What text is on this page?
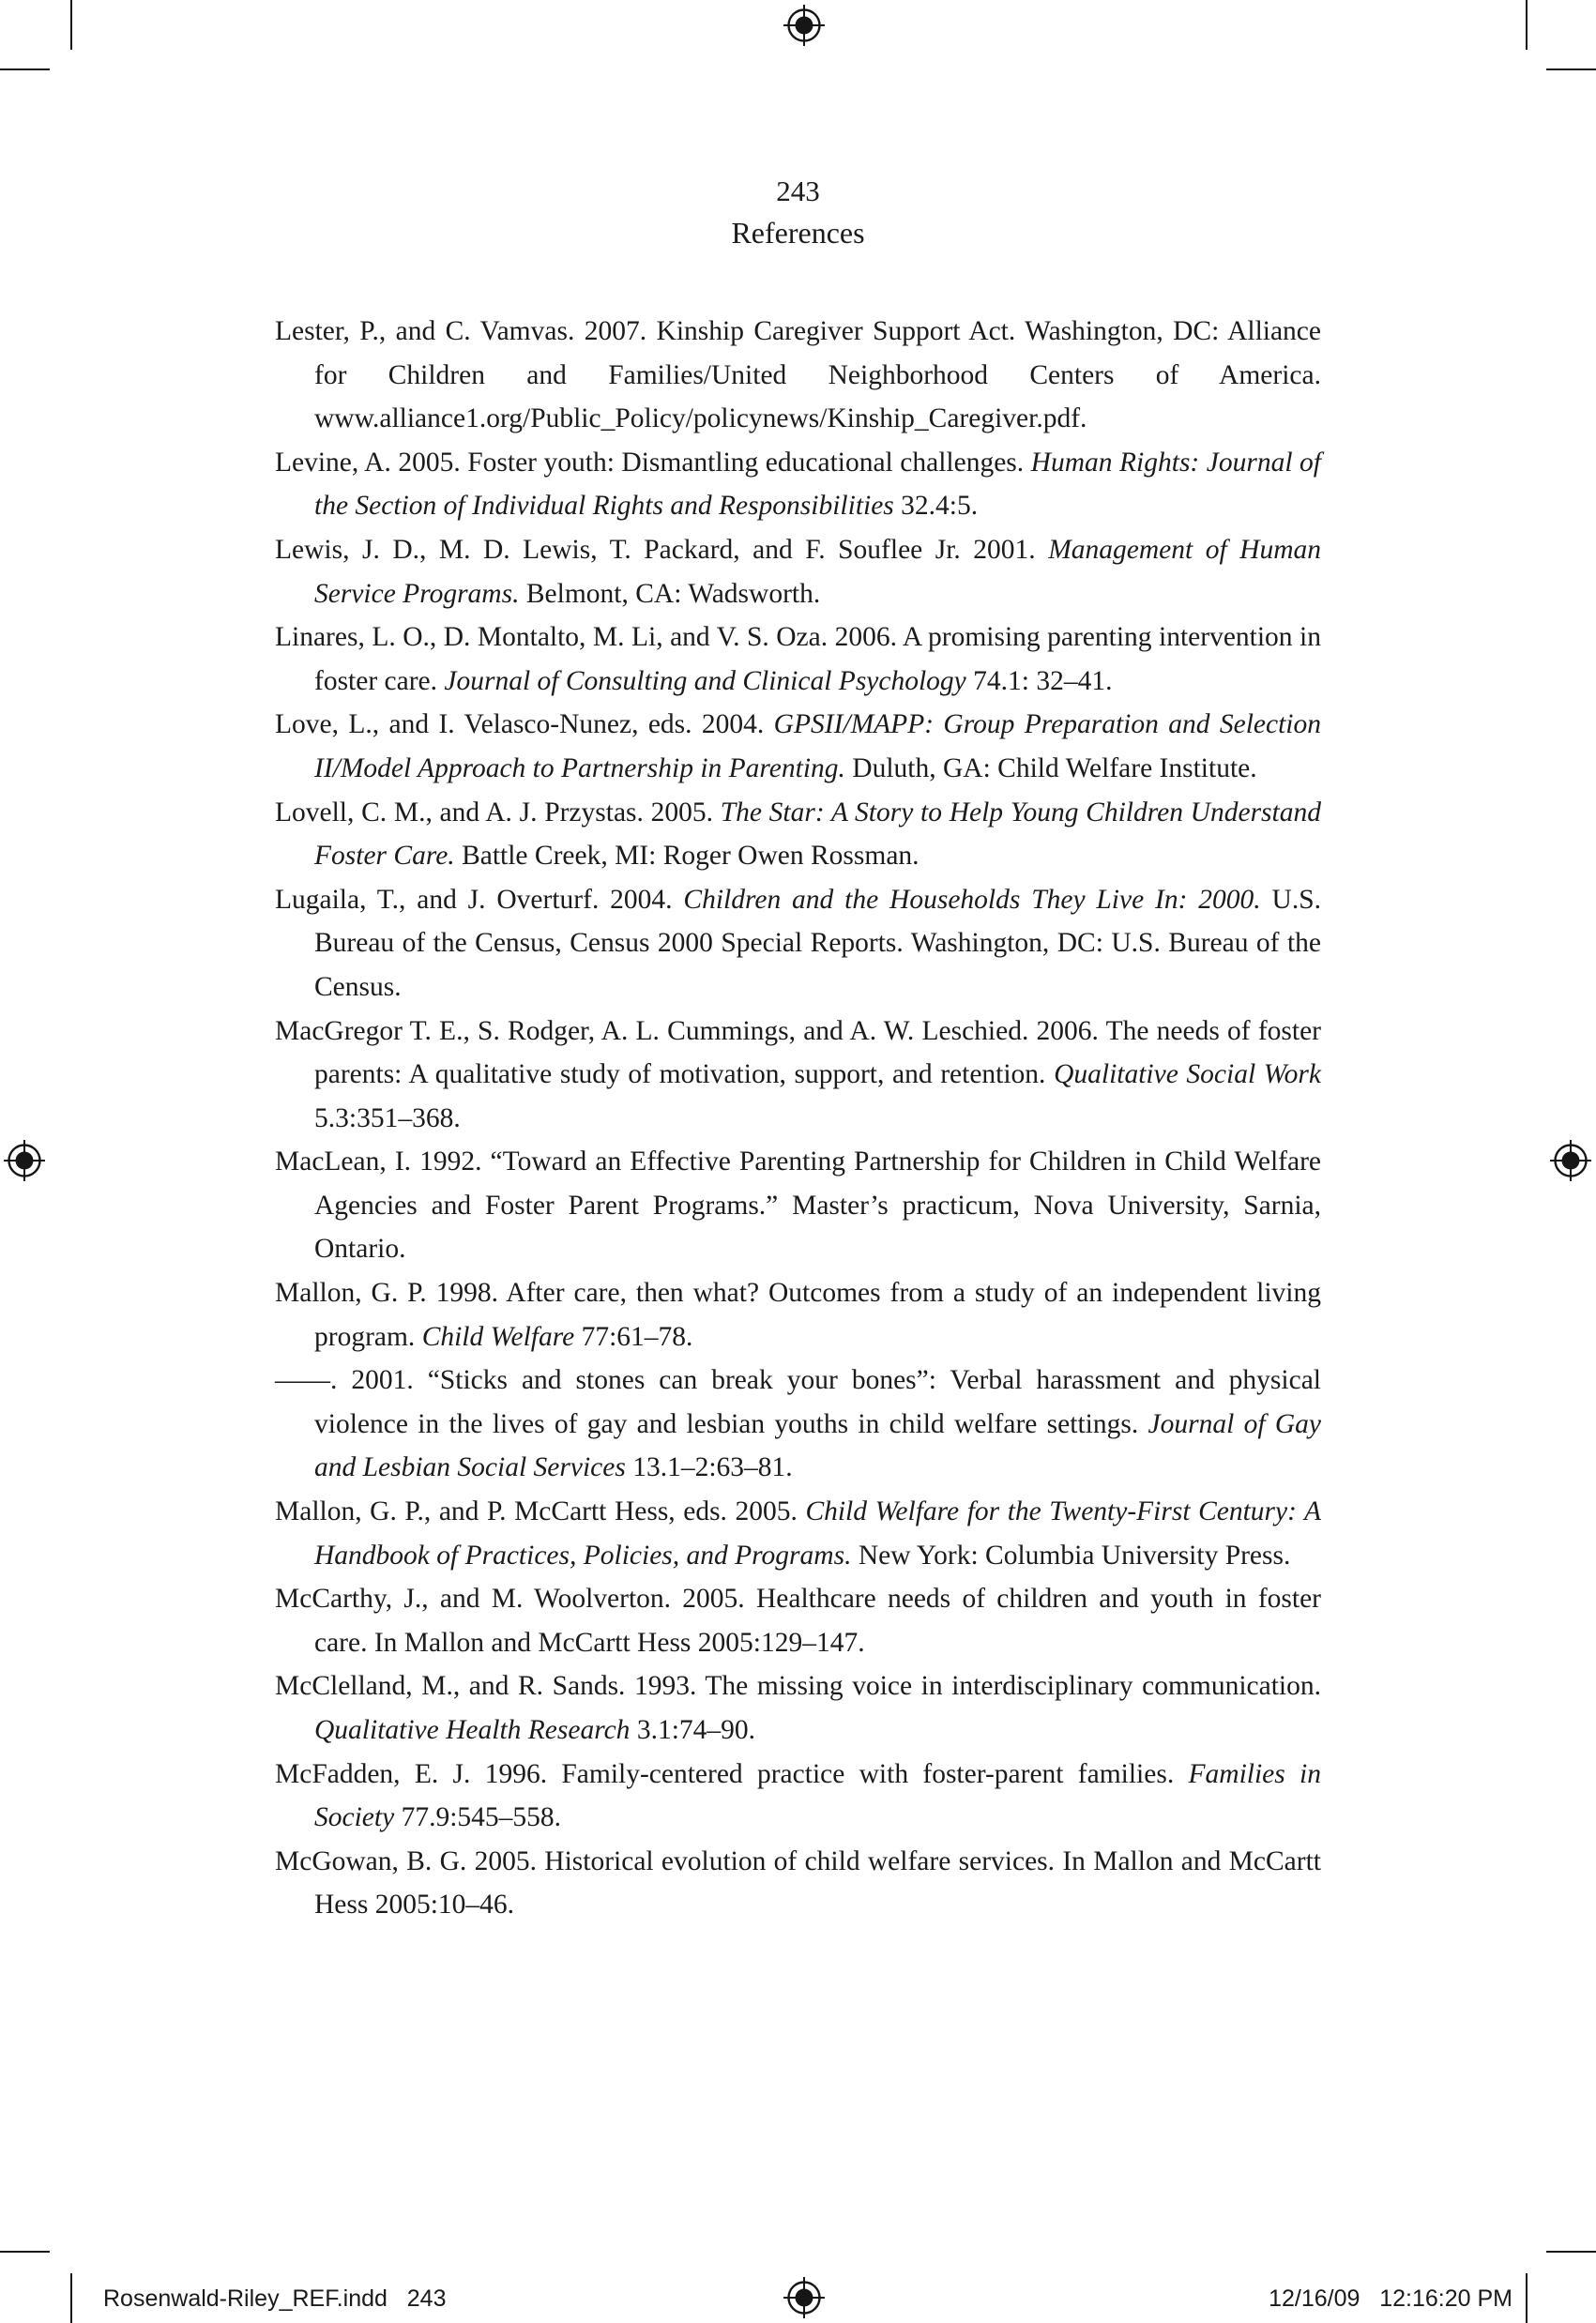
243
References

Lester, P., and C. Vamvas. 2007. Kinship Caregiver Support Act. Washington, DC: Alliance for Children and Families/United Neighborhood Centers of America. www.alliance1.org/Public_Policy/policynews/Kinship_Caregiver.pdf.

Levine, A. 2005. Foster youth: Dismantling educational challenges. Human Rights: Journal of the Section of Individual Rights and Responsibilities 32.4:5.

Lewis, J. D., M. D. Lewis, T. Packard, and F. Souflee Jr. 2001. Management of Human Service Programs. Belmont, CA: Wadsworth.

Linares, L. O., D. Montalto, M. Li, and V. S. Oza. 2006. A promising parenting intervention in foster care. Journal of Consulting and Clinical Psychology 74.1: 32–41.

Love, L., and I. Velasco-Nunez, eds. 2004. GPSII/MAPP: Group Preparation and Selection II/Model Approach to Partnership in Parenting. Duluth, GA: Child Welfare Institute.

Lovell, C. M., and A. J. Przystas. 2005. The Star: A Story to Help Young Children Understand Foster Care. Battle Creek, MI: Roger Owen Rossman.

Lugaila, T., and J. Overturf. 2004. Children and the Households They Live In: 2000. U.S. Bureau of the Census, Census 2000 Special Reports. Washington, DC: U.S. Bureau of the Census.

MacGregor T. E., S. Rodger, A. L. Cummings, and A. W. Leschied. 2006. The needs of foster parents: A qualitative study of motivation, support, and retention. Qualitative Social Work 5.3:351–368.

MacLean, I. 1992. “Toward an Effective Parenting Partnership for Children in Child Welfare Agencies and Foster Parent Programs.” Master’s practicum, Nova University, Sarnia, Ontario.

Mallon, G. P. 1998. After care, then what? Outcomes from a study of an independent living program. Child Welfare 77:61–78.

——. 2001. “Sticks and stones can break your bones”: Verbal harassment and physical violence in the lives of gay and lesbian youths in child welfare settings. Journal of Gay and Lesbian Social Services 13.1–2:63–81.

Mallon, G. P., and P. McCartt Hess, eds. 2005. Child Welfare for the Twenty-First Century: A Handbook of Practices, Policies, and Programs. New York: Columbia University Press.

McCarthy, J., and M. Woolverton. 2005. Healthcare needs of children and youth in foster care. In Mallon and McCartt Hess 2005:129–147.

McClelland, M., and R. Sands. 1993. The missing voice in interdisciplinary communication. Qualitative Health Research 3.1:74–90.

McFadden, E. J. 1996. Family-centered practice with foster-parent families. Families in Society 77.9:545–558.

McGowan, B. G. 2005. Historical evolution of child welfare services. In Mallon and McCartt Hess 2005:10–46.

Rosenwald-Riley_REF.indd   243	12/16/09   12:16:20 PM
